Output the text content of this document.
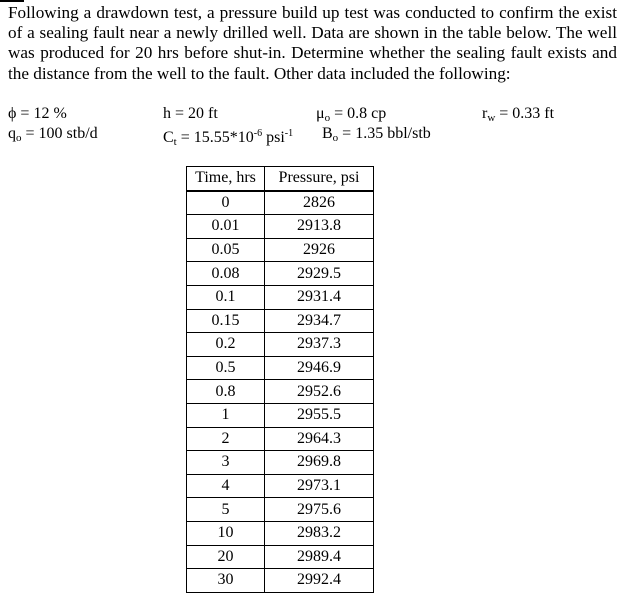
Following a drawdown test, a pressure build up test was conducted to confirm the exist of a sealing fault near a newly drilled well. Data are shown in the table below. The well was produced for 20 hrs before shut-in. Determine whether the sealing fault exists and the distance from the well to the fault. Other data included the following:

ϕ = 12 %
$q_o = 100$ stb/d
h = 20 ft
$C_t = 15.55*10^{-6}$ psi$^{-1}$
$\mu_o = 0.8$ cp
$B_o = 1.35$ bbl/stb
$r_w = 0.33$ ft
Time, hrs	Pressure, psi
0	2826
0.01	2913.8
0.05	2926
0.08	2929.5
0.1	2931.4
0.15	2934.7
0.2	2937.3
0.5	2946.9
0.8	2952.6
1	2955.5
2	2964.3
3	2969.8
4	2973.1
5	2975.6
10	2983.2
20	2989.4
30	2992.4
